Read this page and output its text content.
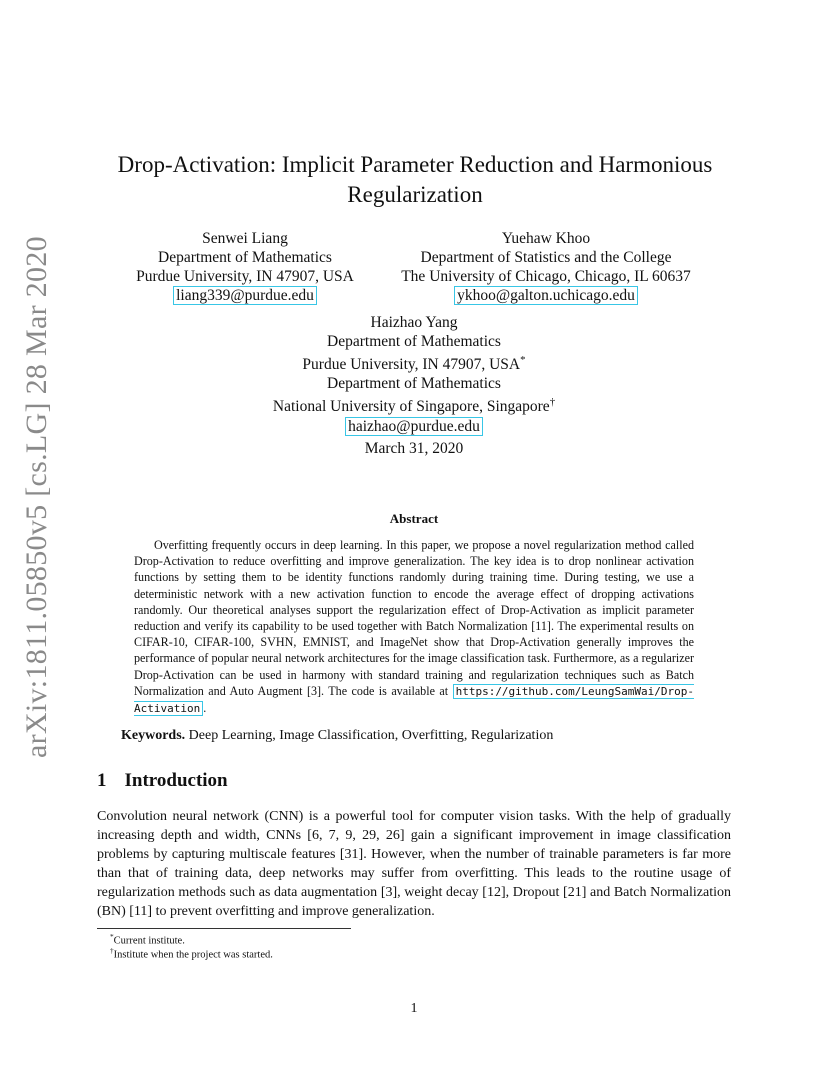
arXiv:1811.05850v5 [cs.LG] 28 Mar 2020
Drop-Activation: Implicit Parameter Reduction and Harmonious
Regularization
Senwei Liang
Department of Mathematics
Purdue University, IN 47907, USA
liang339@purdue.edu
Yuehaw Khoo
Department of Statistics and the College
The University of Chicago, Chicago, IL 60637
ykhoo@galton.uchicago.edu
Haizhao Yang
Department of Mathematics
Purdue University, IN 47907, USA*
Department of Mathematics
National University of Singapore, Singapore†
haizhao@purdue.edu
March 31, 2020
Abstract
Overfitting frequently occurs in deep learning. In this paper, we propose a novel regularization method called Drop-Activation to reduce overfitting and improve generalization. The key idea is to drop nonlinear activation functions by setting them to be identity functions randomly during training time. During testing, we use a deterministic network with a new activation function to encode the average effect of dropping activations randomly. Our theoretical analyses support the regularization effect of Drop-Activation as implicit parameter reduction and verify its capability to be used together with Batch Normalization [11]. The experimental results on CIFAR-10, CIFAR-100, SVHN, EMNIST, and ImageNet show that Drop-Activation generally improves the performance of popular neural network architectures for the image classification task. Furthermore, as a regularizer Drop-Activation can be used in harmony with standard training and regularization techniques such as Batch Normalization and Auto Augment [3]. The code is available at https://github.com/LeungSamWai/Drop-Activation .
Keywords. Deep Learning, Image Classification, Overfitting, Regularization
1 Introduction
Convolution neural network (CNN) is a powerful tool for computer vision tasks. With the help of gradually increasing depth and width, CNNs [6, 7, 9, 29, 26] gain a significant improvement in image classification problems by capturing multiscale features [31]. However, when the number of trainable parameters is far more than that of training data, deep networks may suffer from overfitting. This leads to the routine usage of regularization methods such as data augmentation [3], weight decay [12], Dropout [21] and Batch Normalization (BN) [11] to prevent overfitting and improve generalization.
*Current institute.
†Institute when the project was started.
1
